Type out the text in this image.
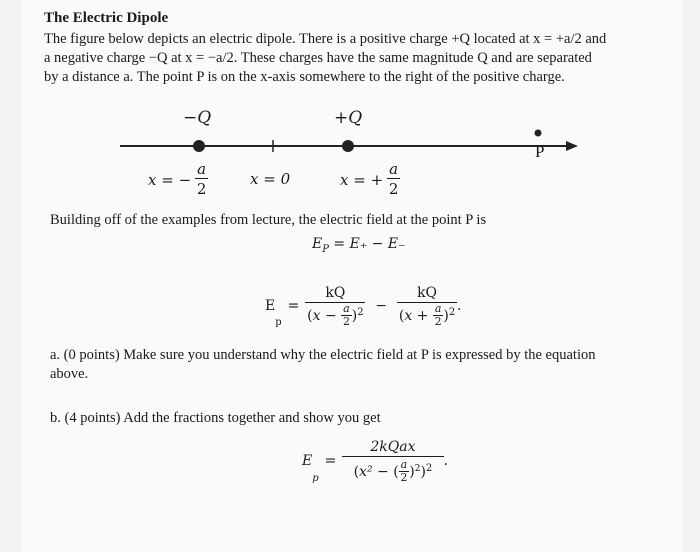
The Electric Dipole
The figure below depicts an electric dipole. There is a positive charge +Q located at x = +a/2 and
a negative charge −Q at x = −a/2. These charges have the same magnitude Q and are separated
by a distance a. The point P is on the x-axis somewhere to the right of the positive charge.
−Q	+Q
P
x = − $\frac{a}{2}$	x = 0	x = + $\frac{a}{2}$
Building off of the examples from lecture, the electric field at the point P is
$E_P = E_+ - E_-$
E
p
= $\frac{kQ}{( x - \frac{a}{2} ) 2} - \frac{kQ}{( x + \frac{a}{2} ) 2}$ .
a. (0 points) Make sure you understand why the electric field at P is expressed by the equation
above.
b. (4 points) Add the fractions together and show you get
E
p
= 2kQax
( x²
− ( $\frac{a}{2}$ ) 2 ) 2 .
